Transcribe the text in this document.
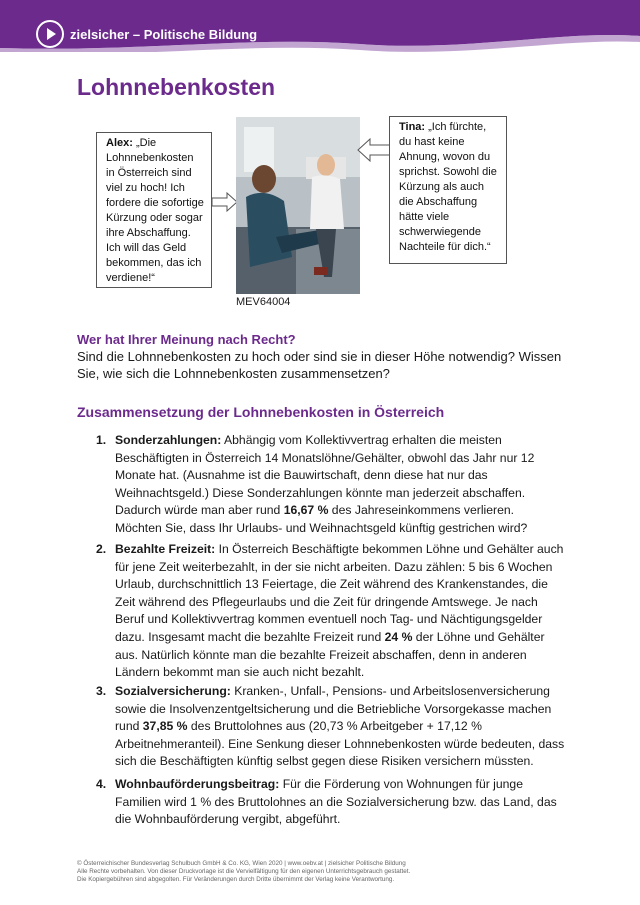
zielsicher – Politische Bildung
Lohnnebenkosten
Alex: „Die Lohnnebenkosten in Österreich sind viel zu hoch! Ich fordere die sofortige Kürzung oder sogar ihre Abschaffung. Ich will das Geld bekommen, das ich verdiene!“
MEV64004
Tina: „Ich fürchte, du hast keine Ahnung, wovon du sprichst. Sowohl die Kürzung als auch die Abschaffung hätte viele schwerwiegende Nachteile für dich.“
Wer hat Ihrer Meinung nach Recht?
Sind die Lohnnebenkosten zu hoch oder sind sie in dieser Höhe notwendig? Wissen Sie, wie sich die Lohnnebenkosten zusammensetzen?
Zusammensetzung der Lohnnebenkosten in Österreich
1. Sonderzahlungen: Abhängig vom Kollektivvertrag erhalten die meisten Beschäftigten in Österreich 14 Monatslöhne/Gehälter, obwohl das Jahr nur 12 Monate hat. (Ausnahme ist die Bauwirtschaft, denn diese hat nur das Weihnachtsgeld.) Diese Sonderzahlungen könnte man jederzeit abschaffen. Dadurch würde man aber rund 16,67 % des Jahreseinkommens verlieren.
Möchten Sie, dass Ihr Urlaubs- und Weihnachtsgeld künftig gestrichen wird?
2. Bezahlte Freizeit: In Österreich Beschäftigte bekommen Löhne und Gehälter auch für jene Zeit weiterbezahlt, in der sie nicht arbeiten. Dazu zählen: 5 bis 6 Wochen Urlaub, durchschnittlich 13 Feiertage, die Zeit während des Krankenstandes, die Zeit während des Pflegeurlaubs und die Zeit für dringende Amtswege. Je nach Beruf und Kollektivvertrag kommen eventuell noch Tag- und Nächtigungsgelder dazu. Insgesamt macht die bezahlte Freizeit rund 24 % der Löhne und Gehälter aus. Natürlich könnte man die bezahlte Freizeit abschaffen, denn in anderen Ländern bekommt man sie auch nicht bezahlt.
3. Sozialversicherung: Kranken-, Unfall-, Pensions- und Arbeitslosenversicherung sowie die Insolvenzentgeltsicherung und die Betriebliche Vorsorgekasse machen rund 37,85 % des Bruttolohnes aus (20,73 % Arbeitgeber + 17,12 % Arbeitnehmeranteil). Eine Senkung dieser Lohnnebenkosten würde bedeuten, dass sich die Beschäftigten künftig selbst gegen diese Risiken versichern müssten.
4. Wohnbauförderungsbeitrag: Für die Förderung von Wohnungen für junge Familien wird 1 % des Bruttolohnes an die Sozialversicherung bzw. das Land, das die Wohnbauförderung vergibt, abgeführt.
© Österreichischer Bundesverlag Schulbuch GmbH & Co. KG, Wien 2020 | www.oebv.at | zielsicher Politische Bildung
Alle Rechte vorbehalten. Von dieser Druckvorlage ist die Vervielfältigung für den eigenen Unterrichtsgebrauch gestattet.
Die Kopiergebühren sind abgegolten. Für Veränderungen durch Dritte übernimmt der Verlag keine Verantwortung.
